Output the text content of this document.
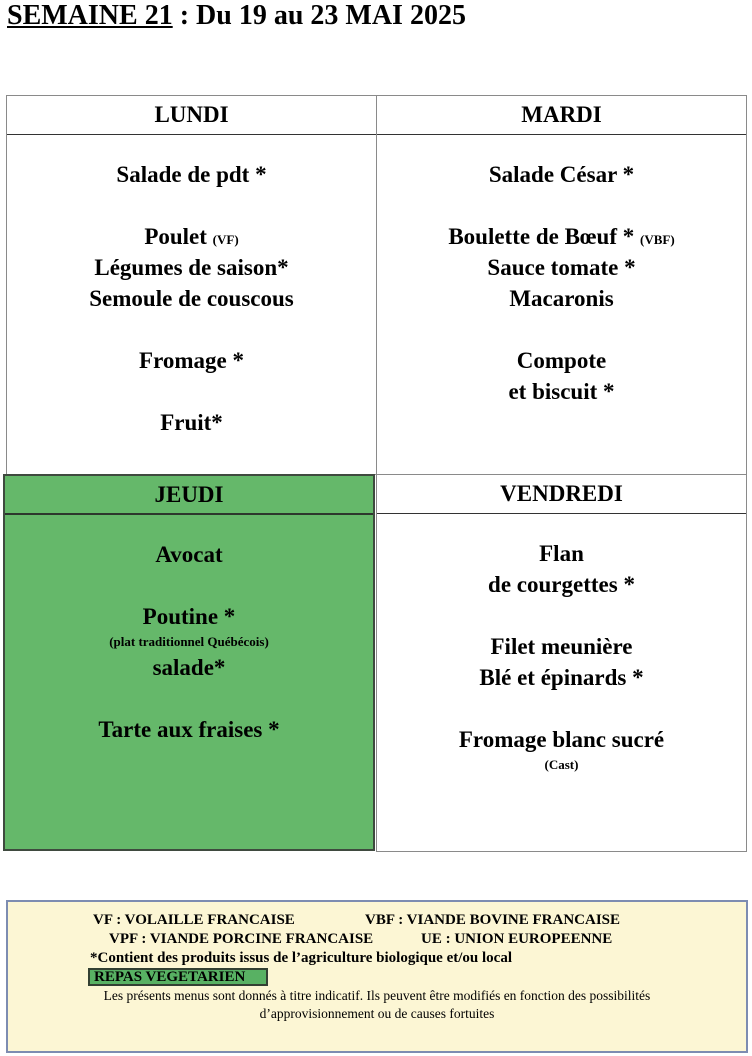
SEMAINE 21 : Du 19 au 23 MAI 2025
LUNDI
Salade de pdt *
Poulet (VF)
Légumes de saison*
Semoule de couscous
Fromage *
Fruit*
MARDI
Salade César *
Boulette de Bœuf * (VBF)
Sauce tomate *
Macaronis
Compote
et biscuit *
JEUDI
Avocat
Poutine *
(plat traditionnel Québécois)
salade*
Tarte aux fraises *
VENDREDI
Flan
de courgettes *
Filet meunière
Blé et épinards *
Fromage blanc sucré
(Cast)
VF : VOLAILLE FRANCAISE	VBF : VIANDE BOVINE FRANCAISE
VPF : VIANDE PORCINE FRANCAISE	UE : UNION EUROPEENNE
*Contient des produits issus de l’agriculture biologique et/ou local
REPAS VEGETARIEN
Les présents menus sont donnés à titre indicatif. Ils peuvent être modifiés en fonction des possibilités
d’approvisionnement ou de causes fortuites
